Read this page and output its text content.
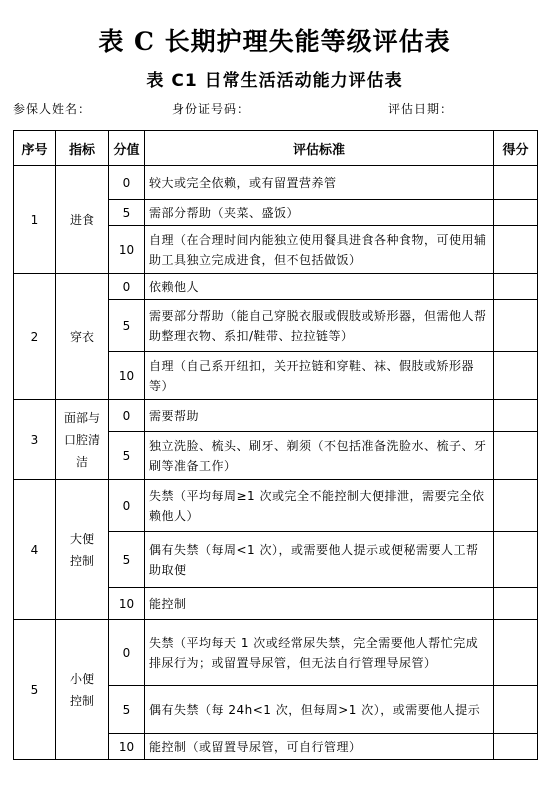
表 C 长期护理失能等级评估表
表 C1 日常生活活动能力评估表
参保人姓名：	身份证号码：	评估日期：
序号	指标	分值	评估标准	得分
1	进食	0	较大或完全依赖，或有留置营养管	
		5	需部分帮助（夹菜、盛饭）	
		10	自理（在合理时间内能独立使用餐具进食各种食物，可使用辅助工具独立完成进食，但不包括做饭）	
2	穿衣	0	依赖他人	
		5	需要部分帮助（能自己穿脱衣服或假肢或矫形器，但需他人帮助整理衣物、系扣/鞋带、拉拉链等）	
		10	自理（自己系开纽扣，关开拉链和穿鞋、袜、假肢或矫形器等）	
3	面部与口腔清洁	0	需要帮助	
		5	独立洗脸、梳头、刷牙、剃须（不包括准备洗脸水、梳子、牙刷等准备工作）	
4	大便控制	0	失禁（平均每周≥1 次或完全不能控制大便排泄，需要完全依赖他人）	
		5	偶有失禁（每周<1 次），或需要他人提示或便秘需要人工帮助取便	
		10	能控制	
5	小便控制	0	失禁（平均每天 1 次或经常尿失禁，完全需要他人帮忙完成排尿行为；或留置导尿管，但无法自行管理导尿管）	
		5	偶有失禁（每 24h<1 次，但每周>1 次），或需要他人提示	
		10	能控制（或留置导尿管，可自行管理）	
